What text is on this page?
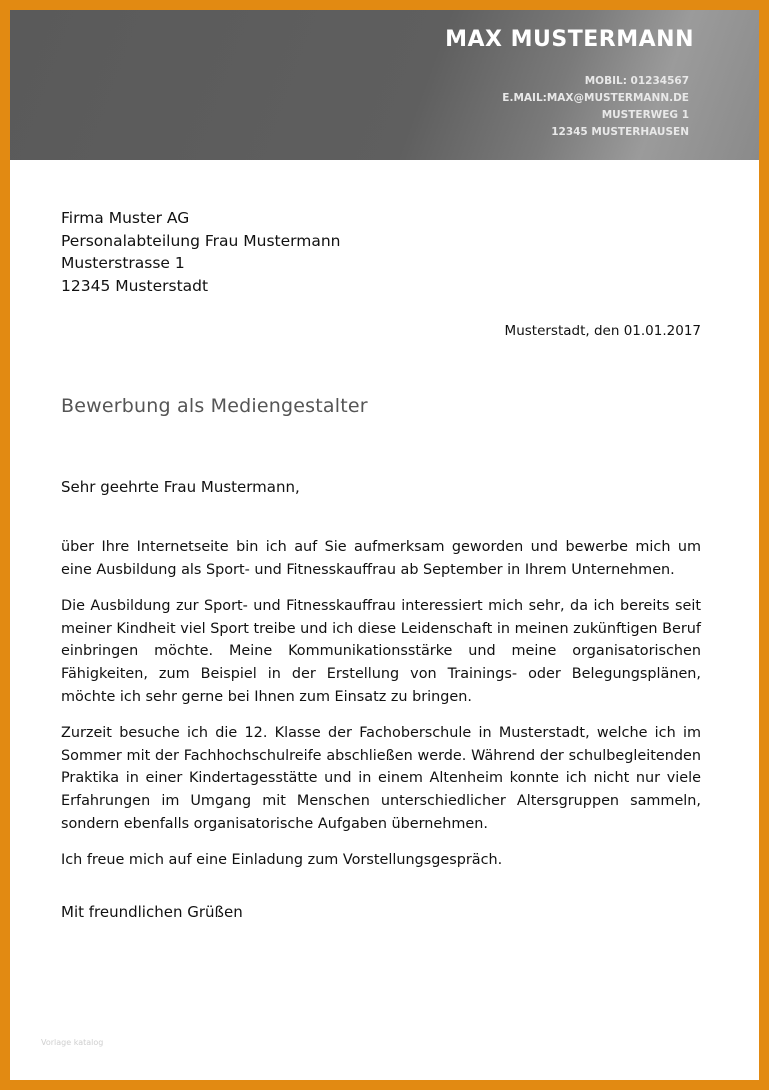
MAX MUSTERMANN
MOBIL: 01234567
E.MAIL:MAX@MUSTERMANN.DE
MUSTERWEG 1
12345 MUSTERHAUSEN
Firma Muster AG
Personalabteilung Frau Mustermann
Musterstrasse 1
12345 Musterstadt
Musterstadt, den 01.01.2017
Bewerbung als Mediengestalter
Sehr geehrte Frau Mustermann,

über Ihre Internetseite bin ich auf Sie aufmerksam geworden und bewerbe mich um eine Ausbildung als Sport- und Fitnesskauffrau ab September in Ihrem Unternehmen.

Die Ausbildung zur Sport- und Fitnesskauffrau interessiert mich sehr, da ich bereits seit meiner Kindheit viel Sport treibe und ich diese Leidenschaft in meinen zukünftigen Beruf einbringen möchte. Meine Kommunikationsstärke und meine organisatorischen Fähigkeiten, zum Beispiel in der Erstellung von Trainings- oder Belegungsplänen, möchte ich sehr gerne bei Ihnen zum Einsatz zu bringen.

Zurzeit besuche ich die 12. Klasse der Fachoberschule in Musterstadt, welche ich im Sommer mit der Fachhochschulreife abschließen werde. Während der schulbegleitenden Praktika in einer Kindertagesstätte und in einem Altenheim konnte ich nicht nur viele Erfahrungen im Umgang mit Menschen unterschiedlicher Altersgruppen sammeln, sondern ebenfalls organisatorische Aufgaben übernehmen.

Ich freue mich auf eine Einladung zum Vorstellungsgespräch.

Mit freundlichen Grüßen
Vorlage katalog
